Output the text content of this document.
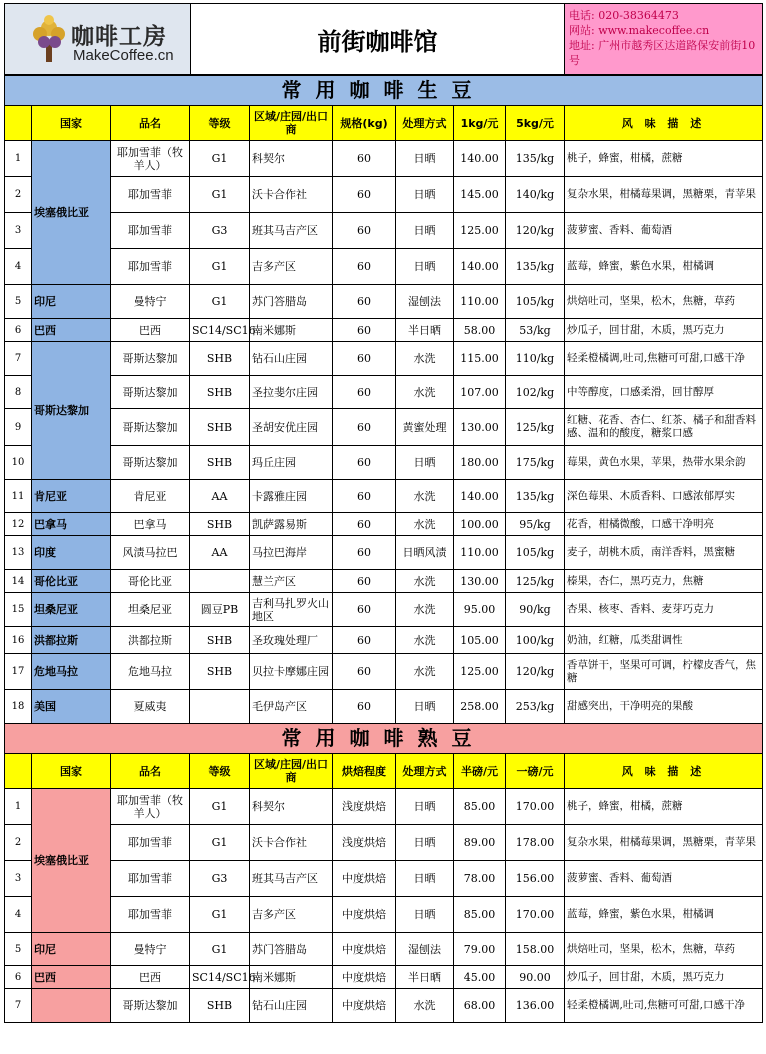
咖啡工房
MakeCoffee.cn	前街咖啡馆
电话: 020-38364473
网站: www.makecoffee.cn
地址: 广州市越秀区达道路保安前街10号
常用咖啡生豆									
	国家	品名	等级	区域/庄园/出口商	规格(kg)	处理方式	1kg/元	5kg/元	风 味 描 述
1	埃塞俄比亚	耶加雪菲（牧羊人）	G1	科契尔	60	日晒	140.00	135/kg	桃子，蜂蜜，柑橘，蔗糖
2		耶加雪菲	G1	沃卡合作社	60	日晒	145.00	140/kg	复杂水果，柑橘莓果调，黑糖栗，青苹果
3		耶加雪菲	G3	班其马吉产区	60	日晒	125.00	120/kg	菠萝蜜、香料、葡萄酒
4		耶加雪菲	G1	吉多产区	60	日晒	140.00	135/kg	蓝莓，蜂蜜，紫色水果，柑橘调
5	印尼	曼特宁	G1	苏门答腊岛	60	湿刨法	110.00	105/kg	烘焙吐司，坚果，松木，焦糖，草药
6	巴西	巴西	SC14/SC16	南米娜斯	60	半日晒	58.00	53/kg	炒瓜子，回甘甜，木质，黑巧克力
7	哥斯达黎加	哥斯达黎加	SHB	钻石山庄园	60	水洗	115.00	110/kg	轻柔橙橘调,吐司,焦糖可可甜,口感干净
8		哥斯达黎加	SHB	圣拉斐尔庄园	60	水洗	107.00	102/kg	中等醇度，口感柔滑，回甘醇厚
9		哥斯达黎加	SHB	圣胡安优庄园	60	黄蜜处理	130.00	125/kg	红糖、花香、杏仁、红茶、橘子和甜香料感、温和的酸度，糖浆口感
10		哥斯达黎加	SHB	玛丘庄园	60	日晒	180.00	175/kg	莓果，黄色水果，苹果，热带水果余韵
11	肯尼亚	肯尼亚	AA	卡露雅庄园	60	水洗	140.00	135/kg	深色莓果、木质香料、口感浓郁厚实
12	巴拿马	巴拿马	SHB	凯萨露易斯	60	水洗	100.00	95/kg	花香，柑橘微酸，口感干净明亮
13	印度	风渍马拉巴	AA	马拉巴海岸	60	日晒风渍	110.00	105/kg	麦子，胡桃木质，南洋香料，黑蜜糖
14	哥伦比亚	哥伦比亚		慧兰产区	60	水洗	130.00	125/kg	榛果，杏仁，黑巧克力，焦糖
15	坦桑尼亚	坦桑尼亚	圆豆PB	吉利马扎罗火山地区	60	水洗	95.00	90/kg	杏果、核枣、香料、麦芽巧克力
16	洪都拉斯	洪都拉斯	SHB	圣玫瑰处理厂	60	水洗	105.00	100/kg	奶油，红糖，瓜类甜调性
17	危地马拉	危地马拉	SHB	贝拉卡摩娜庄园	60	水洗	125.00	120/kg	香草饼干，坚果可可调，柠檬皮香气，焦糖
18	美国	夏威夷		毛伊岛产区	60	日晒	258.00	253/kg	甜感突出，干净明亮的果酸
常用咖啡熟豆									
	国家	品名	等级	区域/庄园/出口商	烘焙程度	处理方式	半磅/元	一磅/元	风 味 描 述
1	埃塞俄比亚	耶加雪菲（牧羊人）	G1	科契尔	浅度烘焙	日晒	85.00	170.00	桃子，蜂蜜，柑橘，蔗糖
2		耶加雪菲	G1	沃卡合作社	浅度烘焙	日晒	89.00	178.00	复杂水果，柑橘莓果调，黑糖栗，青苹果
3		耶加雪菲	G3	班其马吉产区	中度烘焙	日晒	78.00	156.00	菠萝蜜、香料、葡萄酒
4		耶加雪菲	G1	吉多产区	中度烘焙	日晒	85.00	170.00	蓝莓，蜂蜜，紫色水果，柑橘调
5	印尼	曼特宁	G1	苏门答腊岛	中度烘焙	湿刨法	79.00	158.00	烘焙吐司，坚果，松木，焦糖，草药
6	巴西	巴西	SC14/SC16	南米娜斯	中度烘焙	半日晒	45.00	90.00	炒瓜子，回甘甜，木质，黑巧克力
7		哥斯达黎加	SHB	钻石山庄园	中度烘焙	水洗	68.00	136.00	轻柔橙橘调,吐司,焦糖可可甜,口感干净
